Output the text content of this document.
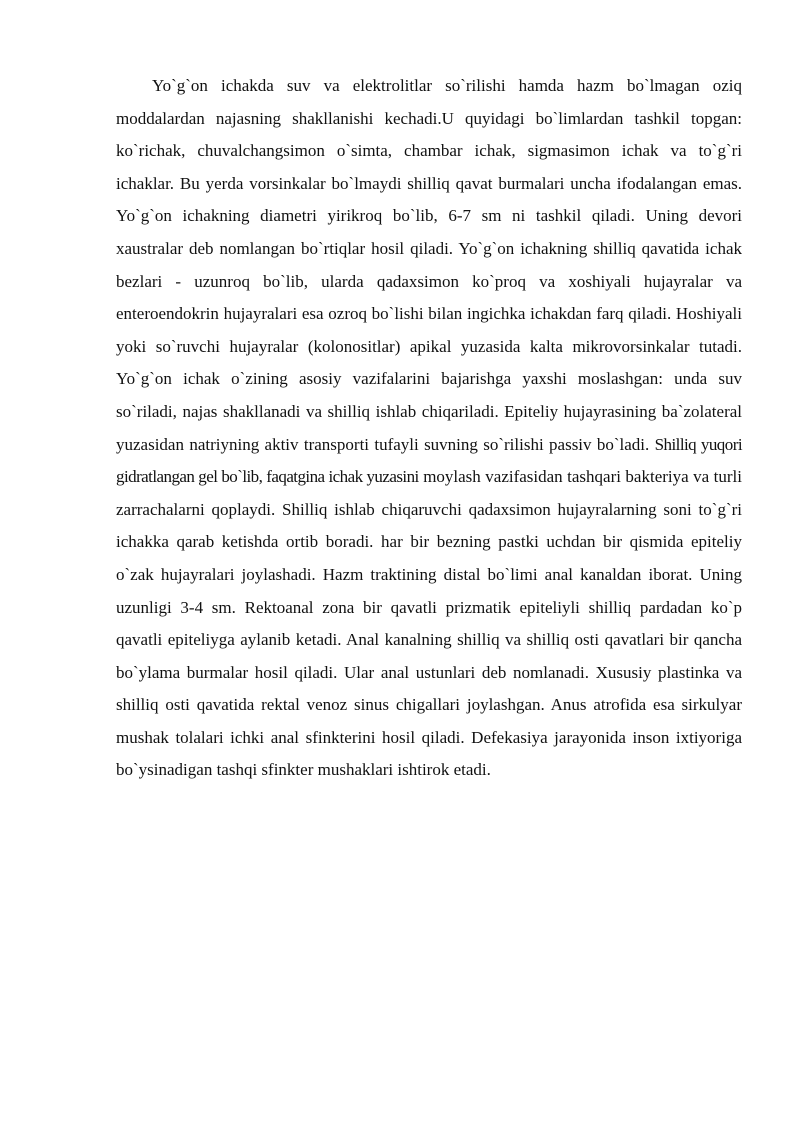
Yo`g`on ichakda suv va elektrolitlar so`rilishi hamda hazm bo`lmagan oziq moddalardan najasning shakllanishi kechadi.U quyidagi bo`limlardan tashkil topgan: ko`richak, chuvalchangsimon o`simta, chambar ichak, sigmasimon ichak va to`g`ri ichaklar. Bu yerda vorsinkalar bo`lmaydi shilliq qavat burmalari uncha ifodalangan emas. Yo`g`on ichakning diametri yirikroq bo`lib, 6-7 sm ni tashkil qiladi. Uning devori xaustralar deb nomlangan bo`rtiqlar hosil qiladi. Yo`g`on ichakning shilliq qavatida ichak bezlari - uzunroq bo`lib, ularda qadaxsimon ko`proq va xoshiyali hujayralar va enteroendokrin hujayralari esa ozroq bo`lishi bilan ingichka ichakdan farq qiladi. Hoshiyali yoki so`ruvchi hujayralar (kolonositlar) apikal yuzasida kalta mikrovorsinkalar tutadi. Yo`g`on ichak o`zining asosiy vazifalarini bajarishga yaxshi moslashgan: unda suv so`riladi, najas shakllanadi va shilliq ishlab chiqariladi. Epiteliy hujayrasining ba`zolateral yuzasidan natriyning aktiv transporti tufayli suvning so`rilishi passiv bo`ladi. Shilliq yuqori gidratlangan gel bo`lib, faqatgina ichak yuzasini moylash vazifasidan tashqari bakteriya va turli zarrachalarni qoplaydi. Shilliq ishlab chiqaruvchi qadaxsimon hujayralarning soni to`g`ri ichakka qarab ketishda ortib boradi. har bir bezning pastki uchdan bir qismida epiteliy o`zak hujayralari joylashadi. Hazm traktining distal bo`limi anal kanaldan iborat. Uning uzunligi 3-4 sm. Rektoanal zona bir qavatli prizmatik epiteliyli shilliq pardadan ko`p qavatli epiteliyga aylanib ketadi. Anal kanalning shilliq va shilliq osti qavatlari bir qancha bo`ylama burmalar hosil qiladi. Ular anal ustunlari deb nomlanadi. Xususiy plastinka va shilliq osti qavatida rektal venoz sinus chigallari joylashgan. Anus atrofida esa sirkulyar mushak tolalari ichki anal sfinkterini hosil qiladi. Defekasiya jarayonida inson ixtiyoriga bo`ysinadigan tashqi sfinkter mushaklari ishtirok etadi.
